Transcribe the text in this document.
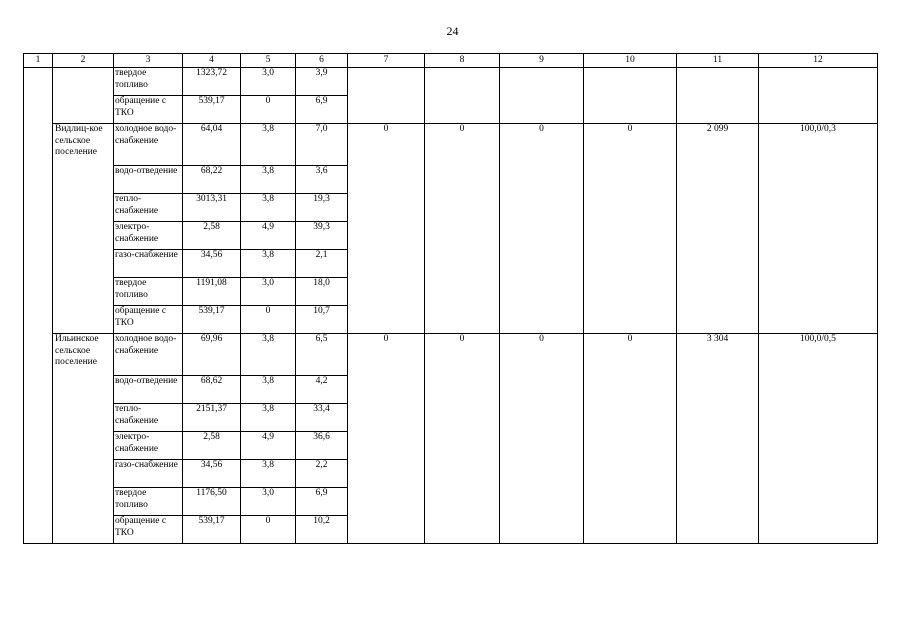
24
1	2	3	4	5	6	7	8	9	10	11	12
		твердое топливо	1323,72	3,0	3,9						
		обращение с ТКО	539,17	0	6,9						
	Видлиц-кое сельское поселение	холодное водо-снабжение	64,04	3,8	7,0	0	0	0	0	2 099	100,0/0,3
		водо-отведение	68,22	3,8	3,6						
		тепло-снабжение	3013,31	3,8	19,3						
		электро-снабжение	2,58	4,9	39,3						
		газо-снабжение	34,56	3,8	2,1						
		твердое топливо	1191,08	3,0	18,0						
		обращение с ТКО	539,17	0	10,7						
	Ильинское сельское поселение	холодное водо-снабжение	69,96	3,8	6,5	0	0	0	0	3 304	100,0/0,5
		водо-отведение	68,62	3,8	4,2						
		тепло-снабжение	2151,37	3,8	33,4						
		электро-снабжение	2,58	4,9	36,6						
		газо-снабжение	34,56	3,8	2,2						
		твердое топливо	1176,50	3,0	6,9						
		обращение с ТКО	539,17	0	10,2						
